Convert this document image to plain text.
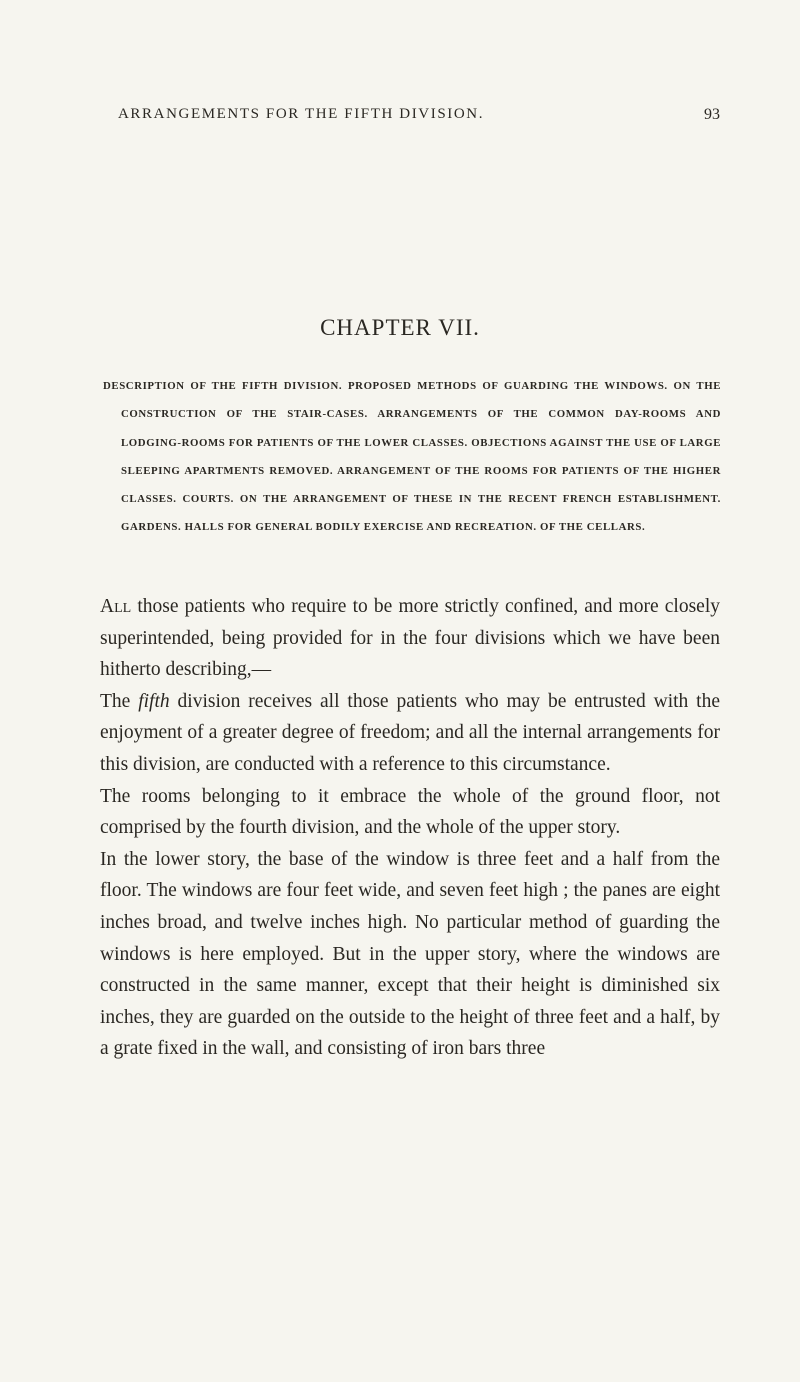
ARRANGEMENTS FOR THE FIFTH DIVISION.	93
CHAPTER VII.

DESCRIPTION OF THE FIFTH DIVISION. PROPOSED METHODS OF GUARDING THE WINDOWS. ON THE CONSTRUCTION OF THE STAIR-CASES. ARRANGEMENTS OF THE COMMON DAY-ROOMS AND LODGING-ROOMS FOR PATIENTS OF THE LOWER CLASSES. OBJECTIONS AGAINST THE USE OF LARGE SLEEPING APARTMENTS REMOVED. ARRANGEMENT OF THE ROOMS FOR PATIENTS OF THE HIGHER CLASSES. COURTS. ON THE ARRANGEMENT OF THESE IN THE RECENT FRENCH ESTABLISHMENT. GARDENS. HALLS FOR GENERAL BODILY EXERCISE AND RECREATION. OF THE CELLARS.

All those patients who require to be more strictly confined, and more closely superintended, being provided for in the four divisions which we have been hitherto describing,—

The fifth division receives all those patients who may be entrusted with the enjoyment of a greater degree of freedom; and all the internal arrangements for this division, are conducted with a reference to this circumstance.

The rooms belonging to it embrace the whole of the ground floor, not comprised by the fourth division, and the whole of the upper story.

In the lower story, the base of the window is three feet and a half from the floor. The windows are four feet wide, and seven feet high ; the panes are eight inches broad, and twelve inches high. No particular method of guarding the windows is here employed. But in the upper story, where the windows are constructed in the same manner, except that their height is diminished six inches, they are guarded on the outside to the height of three feet and a half, by a grate fixed in the wall, and consisting of iron bars three
